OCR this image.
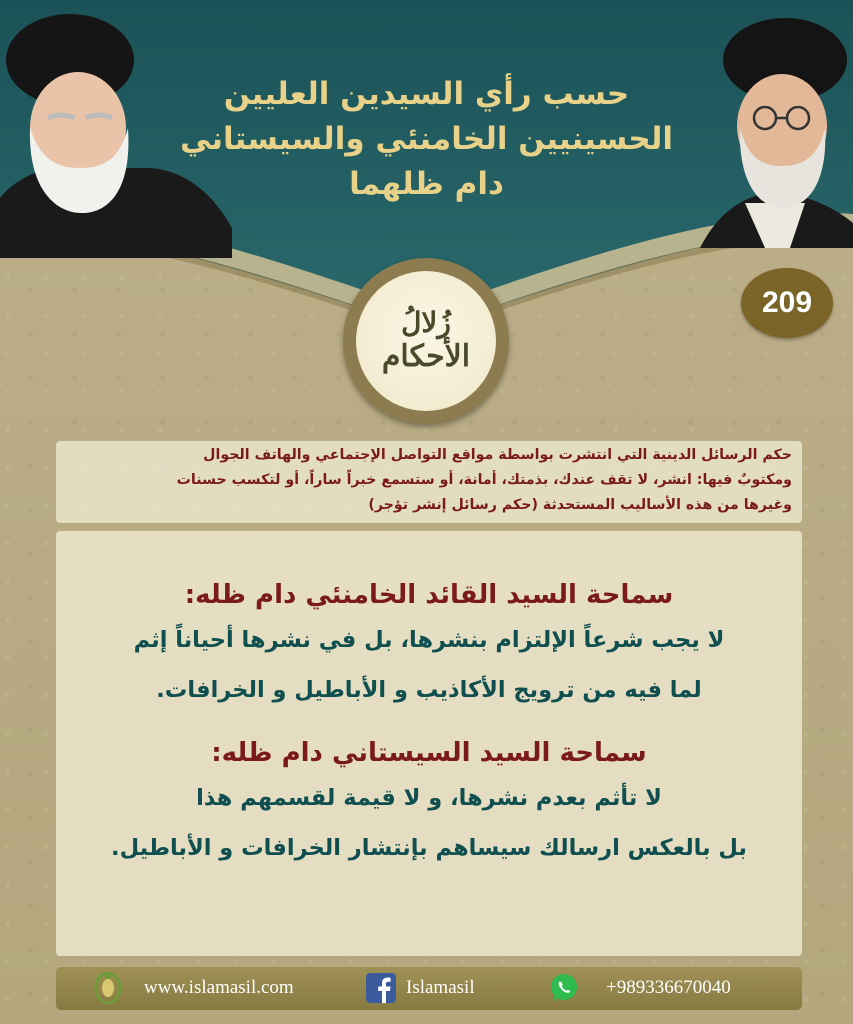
حسب رأي السيدين العليين
الحسينيين الخامنئي والسيستاني
دام ظلهما
209
زُلالُ
الأحكام
حكم الرسائل الدينية التي انتشرت بواسطة مواقع التواصل الإجتماعي والهاتف الجوال
ومكتوبٌ فيها: انشر، لا تقف عندك، بذمتك، أمانة، أو ستسمع خبراً ساراً، أو لتكسب حسنات
وغيرها من هذه الأساليب المستحدثة (حكم رسائل إنشر تؤجر)
سماحة السيد القائد الخامنئي دام ظله:
لا يجب شرعاً الإلتزام بنشرها، بل في نشرها أحياناً إثم
لما فيه من ترويج الأكاذيب و الأباطيل و الخرافات.
سماحة السيد السيستاني دام ظله:
لا تأثم بعدم نشرها، و لا قيمة لقسمهم هذا
بل بالعكس ارسالك سيساهم بإنتشار الخرافات و الأباطيل.
www.islamasil.com	Islamasil	+989336670040
